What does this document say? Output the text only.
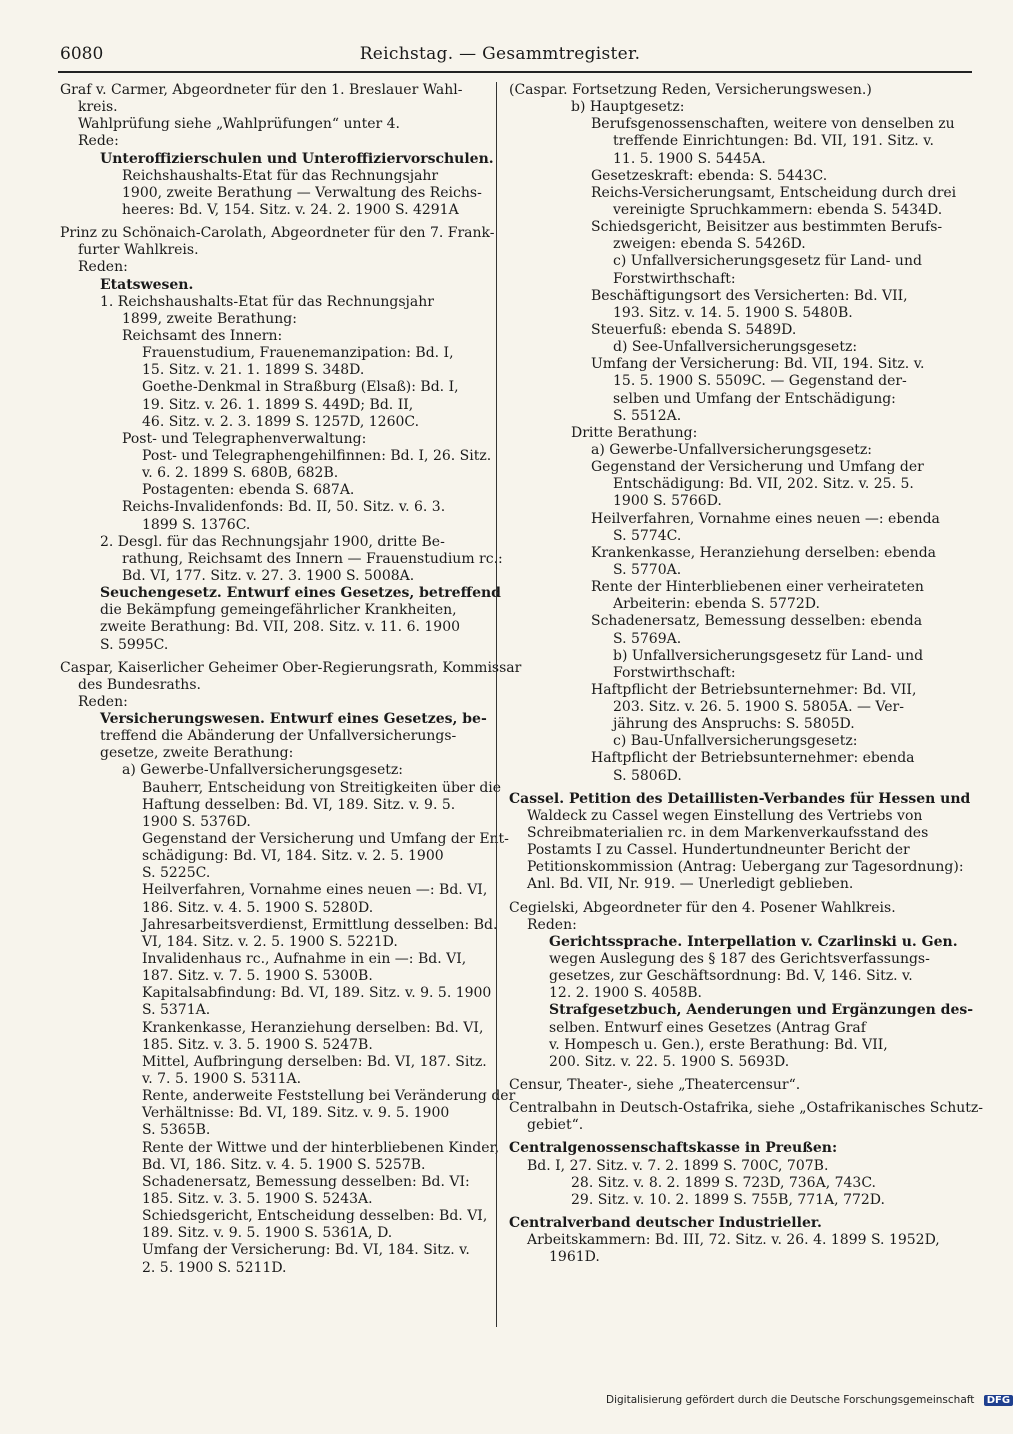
6080	Reichstag. — Gesammtregister.
Graf v. Carmer, Abgeordneter für den 1. Breslauer Wahl-
kreis.
Wahlprüfung siehe „Wahlprüfungen“ unter 4.
Rede:
Unteroffizierschulen und Unteroffiziervorschulen.
Reichshaushalts-Etat für das Rechnungsjahr
1900, zweite Berathung — Verwaltung des Reichs-
heeres: Bd. V, 154. Sitz. v. 24. 2. 1900 S. 4291A
Prinz zu Schönaich-Carolath, Abgeordneter für den 7. Frank-
furter Wahlkreis.
Reden:
Etatswesen.
1. Reichshaushalts-Etat für das Rechnungsjahr
1899, zweite Berathung:
Reichsamt des Innern:
Frauenstudium, Frauenemanzipation: Bd. I,
15. Sitz. v. 21. 1. 1899 S. 348D.
Goethe-Denkmal in Straßburg (Elsaß): Bd. I,
19. Sitz. v. 26. 1. 1899 S. 449D; Bd. II,
46. Sitz. v. 2. 3. 1899 S. 1257D, 1260C.
Post- und Telegraphenverwaltung:
Post- und Telegraphengehilfinnen: Bd. I, 26. Sitz.
v. 6. 2. 1899 S. 680B, 682B.
Postagenten: ebenda S. 687A.
Reichs-Invalidenfonds: Bd. II, 50. Sitz. v. 6. 3.
1899 S. 1376C.
2. Desgl. für das Rechnungsjahr 1900, dritte Be-
rathung, Reichsamt des Innern — Frauenstudium rc.:
Bd. VI, 177. Sitz. v. 27. 3. 1900 S. 5008A.
Seuchengesetz. Entwurf eines Gesetzes, betreffend
die Bekämpfung gemeingefährlicher Krankheiten,
zweite Berathung: Bd. VII, 208. Sitz. v. 11. 6. 1900
S. 5995C.
Caspar, Kaiserlicher Geheimer Ober-Regierungsrath, Kommissar
des Bundesraths.
Reden:
Versicherungswesen. Entwurf eines Gesetzes, be-
treffend die Abänderung der Unfallversicherungs-
gesetze, zweite Berathung:
a) Gewerbe-Unfallversicherungsgesetz:
Bauherr, Entscheidung von Streitigkeiten über die
Haftung desselben: Bd. VI, 189. Sitz. v. 9. 5.
1900 S. 5376D.
Gegenstand der Versicherung und Umfang der Ent-
schädigung: Bd. VI, 184. Sitz. v. 2. 5. 1900
S. 5225C.
Heilverfahren, Vornahme eines neuen —: Bd. VI,
186. Sitz. v. 4. 5. 1900 S. 5280D.
Jahresarbeitsverdienst, Ermittlung desselben: Bd.
VI, 184. Sitz. v. 2. 5. 1900 S. 5221D.
Invalidenhaus rc., Aufnahme in ein —: Bd. VI,
187. Sitz. v. 7. 5. 1900 S. 5300B.
Kapitalsabfindung: Bd. VI, 189. Sitz. v. 9. 5. 1900
S. 5371A.
Krankenkasse, Heranziehung derselben: Bd. VI,
185. Sitz. v. 3. 5. 1900 S. 5247B.
Mittel, Aufbringung derselben: Bd. VI, 187. Sitz.
v. 7. 5. 1900 S. 5311A.
Rente, anderweite Feststellung bei Veränderung der
Verhältnisse: Bd. VI, 189. Sitz. v. 9. 5. 1900
S. 5365B.
Rente der Wittwe und der hinterbliebenen Kinder,
Bd. VI, 186. Sitz. v. 4. 5. 1900 S. 5257B.
Schadenersatz, Bemessung desselben: Bd. VI:
185. Sitz. v. 3. 5. 1900 S. 5243A.
Schiedsgericht, Entscheidung desselben: Bd. VI,
189. Sitz. v. 9. 5. 1900 S. 5361A, D.
Umfang der Versicherung: Bd. VI, 184. Sitz. v.
2. 5. 1900 S. 5211D.
(Caspar. Fortsetzung Reden, Versicherungswesen.)
b) Hauptgesetz:
Berufsgenossenschaften, weitere von denselben zu
treffende Einrichtungen: Bd. VII, 191. Sitz. v.
11. 5. 1900 S. 5445A.
Gesetzeskraft: ebenda: S. 5443C.
Reichs-Versicherungsamt, Entscheidung durch drei
vereinigte Spruchkammern: ebenda S. 5434D.
Schiedsgericht, Beisitzer aus bestimmten Berufs-
zweigen: ebenda S. 5426D.
c) Unfallversicherungsgesetz für Land- und
Forstwirthschaft:
Beschäftigungsort des Versicherten: Bd. VII,
193. Sitz. v. 14. 5. 1900 S. 5480B.
Steuerfuß: ebenda S. 5489D.
d) See-Unfallversicherungsgesetz:
Umfang der Versicherung: Bd. VII, 194. Sitz. v.
15. 5. 1900 S. 5509C. — Gegenstand der-
selben und Umfang der Entschädigung:
S. 5512A.
Dritte Berathung:
a) Gewerbe-Unfallversicherungsgesetz:
Gegenstand der Versicherung und Umfang der
Entschädigung: Bd. VII, 202. Sitz. v. 25. 5.
1900 S. 5766D.
Heilverfahren, Vornahme eines neuen —: ebenda
S. 5774C.
Krankenkasse, Heranziehung derselben: ebenda
S. 5770A.
Rente der Hinterbliebenen einer verheirateten
Arbeiterin: ebenda S. 5772D.
Schadenersatz, Bemessung desselben: ebenda
S. 5769A.
b) Unfallversicherungsgesetz für Land- und
Forstwirthschaft:
Haftpflicht der Betriebsunternehmer: Bd. VII,
203. Sitz. v. 26. 5. 1900 S. 5805A. — Ver-
jährung des Anspruchs: S. 5805D.
c) Bau-Unfallversicherungsgesetz:
Haftpflicht der Betriebsunternehmer: ebenda
S. 5806D.
Cassel. Petition des Detaillisten-Verbandes für Hessen und
Waldeck zu Cassel wegen Einstellung des Vertriebs von
Schreibmaterialien rc. in dem Markenverkaufsstand des
Postamts I zu Cassel. Hundertundneunter Bericht der
Petitionskommission (Antrag: Uebergang zur Tagesordnung):
Anl. Bd. VII, Nr. 919. — Unerledigt geblieben.
Cegielski, Abgeordneter für den 4. Posener Wahlkreis.
Reden:
Gerichtssprache. Interpellation v. Czarlinski u. Gen.
wegen Auslegung des § 187 des Gerichtsverfassungs-
gesetzes, zur Geschäftsordnung: Bd. V, 146. Sitz. v.
12. 2. 1900 S. 4058B.
Strafgesetzbuch, Aenderungen und Ergänzungen des-
selben. Entwurf eines Gesetzes (Antrag Graf
v. Hompesch u. Gen.), erste Berathung: Bd. VII,
200. Sitz. v. 22. 5. 1900 S. 5693D.
Censur, Theater-, siehe „Theatercensur“.
Centralbahn in Deutsch-Ostafrika, siehe „Ostafrikanisches Schutz-
gebiet“.
Centralgenossenschaftskasse in Preußen:
Bd. I, 27. Sitz. v. 7. 2. 1899 S. 700C, 707B.
28. Sitz. v. 8. 2. 1899 S. 723D, 736A, 743C.
29. Sitz. v. 10. 2. 1899 S. 755B, 771A, 772D.
Centralverband deutscher Industrieller.
Arbeitskammern: Bd. III, 72. Sitz. v. 26. 4. 1899 S. 1952D,
1961D.
Digitalisierung gefördert durch die Deutsche Forschungsgemeinschaft DFG
